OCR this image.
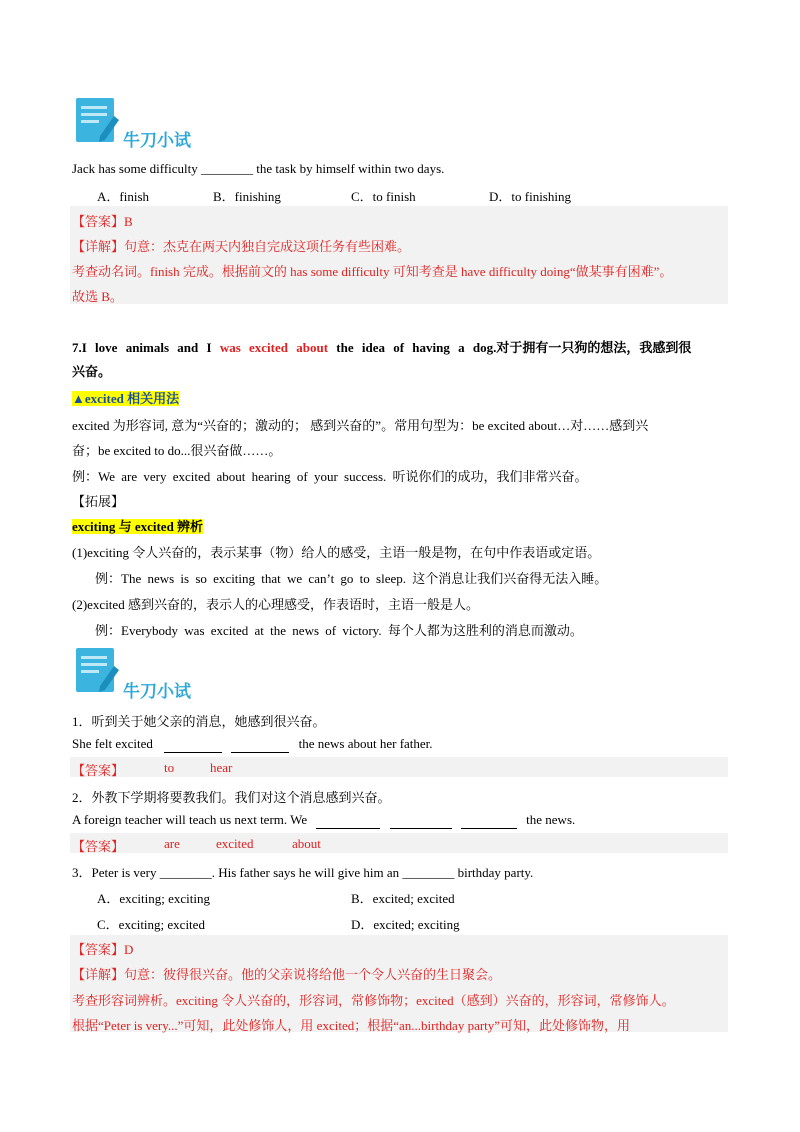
牛刀小试
Jack has some difficulty ________ the task by himself within two days.
A．finish	B．finishing	C．to finish	D．to finishing
【答案】B
【详解】句意：杰克在两天内独自完成这项任务有些困难。
考查动名词。finish 完成。根据前文的 has some difficulty 可知考查是 have difficulty doing“做某事有困难”。
故选 B。
7.I love animals and I was excited about the idea of having a dog.对于拥有一只狗的想法，我感到很
兴奋。
▲excited 相关用法
excited 为形容词, 意为“兴奋的；激动的； 感到兴奋的”。常用句型为：be excited about…对……感到兴
奋；be excited to do...很兴奋做……。
例：We are very excited about hearing of your success. 听说你们的成功，我们非常兴奋。
【拓展】
exciting 与 excited 辨析
(1)exciting 令人兴奋的，表示某事（物）给人的感受，主语一般是物，在句中作表语或定语。
例：The news is so exciting that we can’t go to sleep. 这个消息让我们兴奋得无法入睡。
(2)excited 感到兴奋的，表示人的心理感受，作表语时，主语一般是人。
例：Everybody was excited at the news of victory. 每个人都为这胜利的消息而激动。
牛刀小试
1．听到关于她父亲的消息，她感到很兴奋。
She felt excited	the news about her father.
【答案】	to	hear
2．外教下学期将要教我们。我们对这个消息感到兴奋。
A foreign teacher will teach us next term. We	the news.
【答案】	are	excited	about
3．Peter is very ________. His father says he will give him an ________ birthday party.
A．exciting; exciting	B．excited; excited
C．exciting; excited	D．excited; exciting
【答案】D
【详解】句意：彼得很兴奋。他的父亲说将给他一个令人兴奋的生日聚会。
考查形容词辨析。exciting 令人兴奋的，形容词，常修饰物；excited（感到）兴奋的，形容词，常修饰人。
根据“Peter is very...”可知，此处修饰人，用 excited；根据“an...birthday party”可知，此处修饰物，用
